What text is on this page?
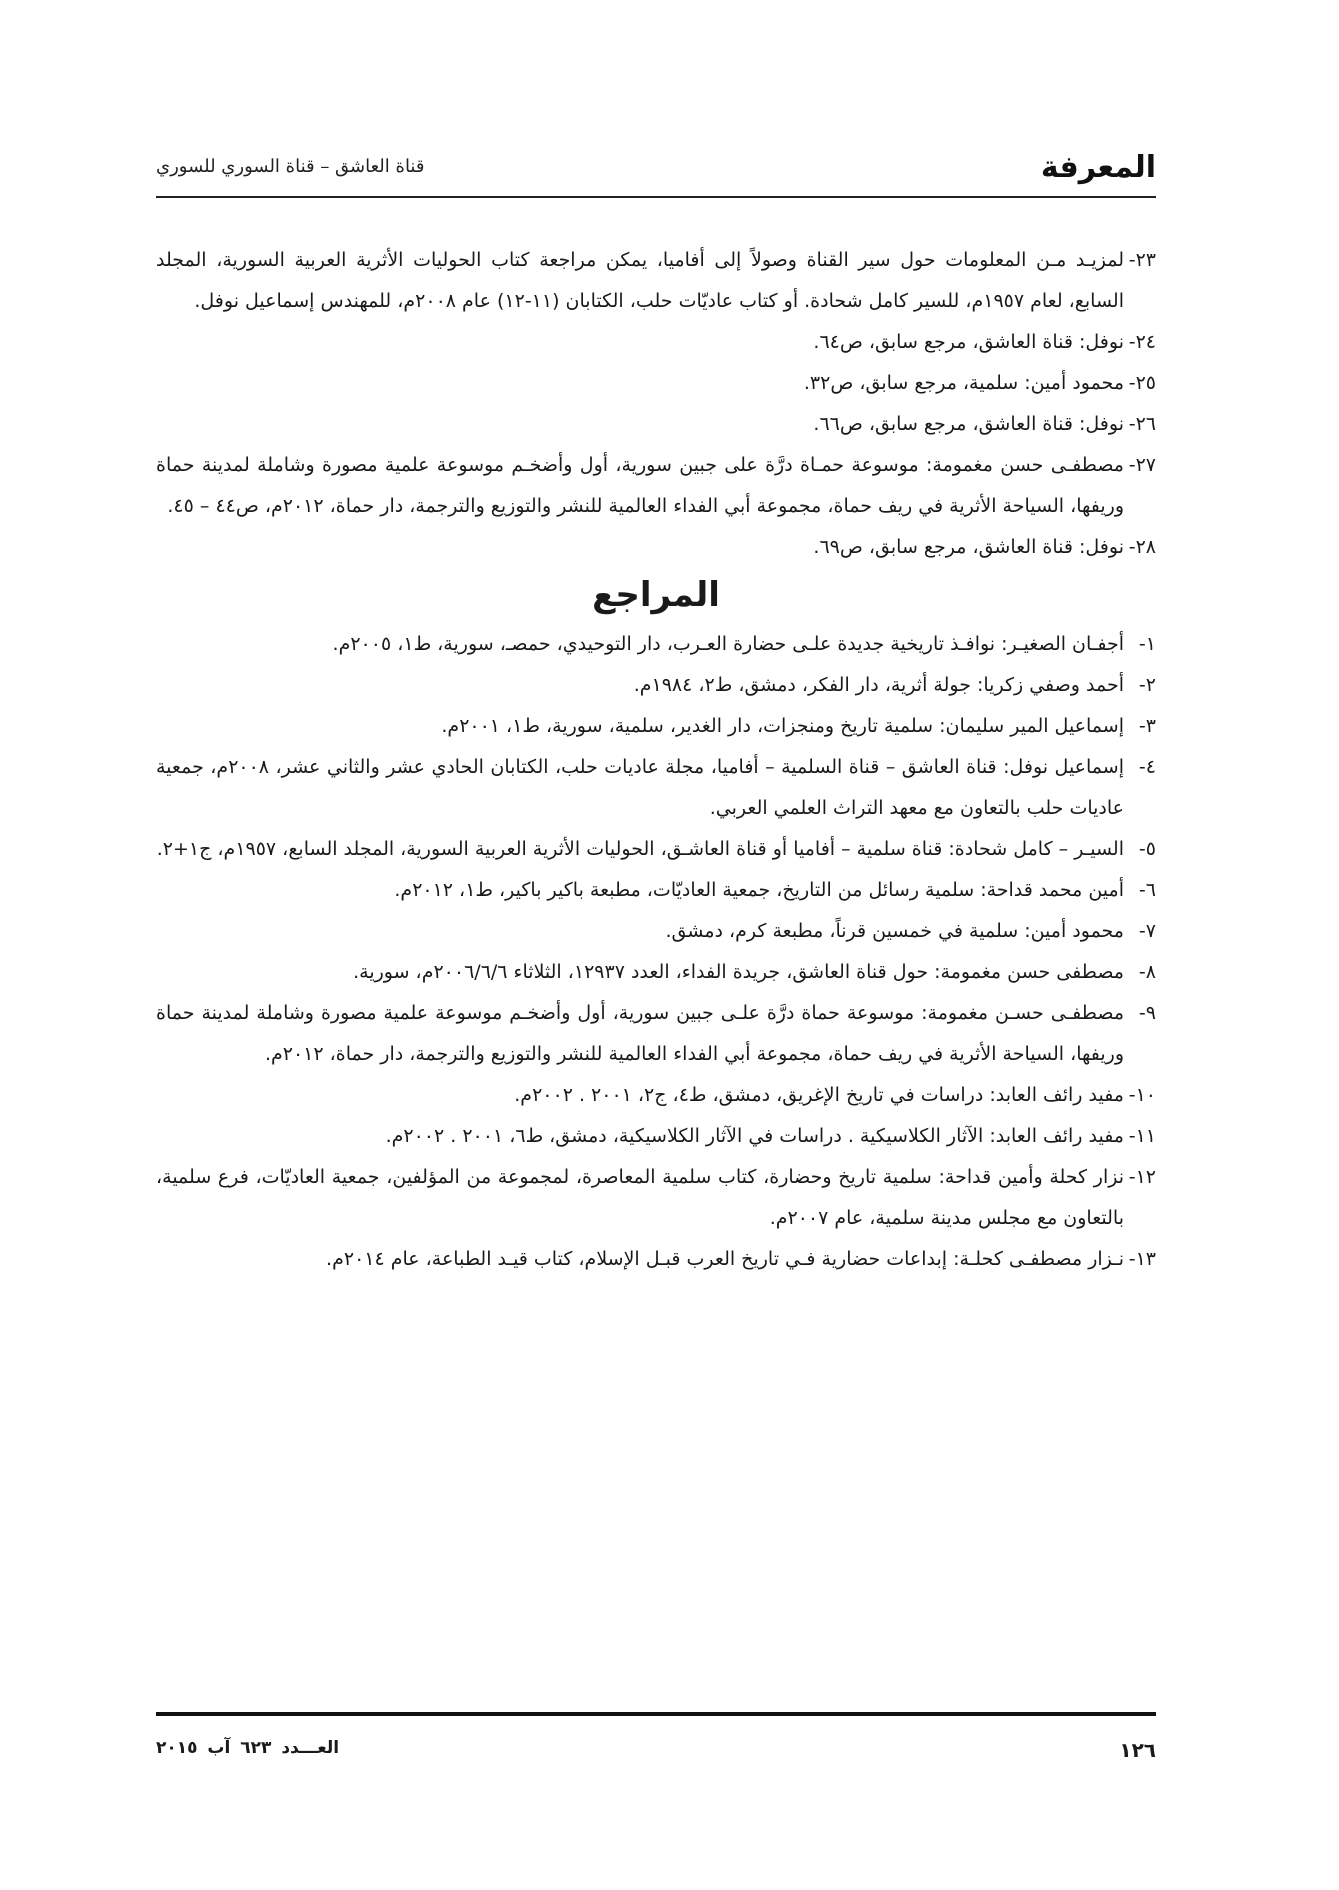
المعرفة
قناة العاشق – قناة السوري للسوري
٢٣-
لمزيـد مـن المعلومات حول سير القناة وصولاً إلى أفاميا، يمكن مراجعة كتاب الحوليات الأثرية العربية السورية، المجلد السابع، لعام ١٩٥٧م، للسير كامل شحادة. أو كتاب عاديّات حلب، الكتابان (١١-١٢) عام ٢٠٠٨م، للمهندس إسماعيل نوفل.
٢٤-
نوفل: قناة العاشق، مرجع سابق، ص٦٤.
٢٥-
محمود أمين: سلمية، مرجع سابق، ص٣٢.
٢٦-
نوفل: قناة العاشق، مرجع سابق، ص٦٦.
٢٧-
مصطفـى حسن مغمومة: موسوعة حمـاة درَّة على جبين سورية، أول وأضخـم موسوعة علمية مصورة وشاملة لمدينة حماة وريفها، السياحة الأثرية في ريف حماة، مجموعة أبي الفداء العالمية للنشر والتوزيع والترجمة، دار حماة، ٢٠١٢م، ص٤٤ – ٤٥.
٢٨-
نوفل: قناة العاشق، مرجع سابق، ص٦٩.
المراجع
١-
أجفـان الصغيـر: نوافـذ تاريخية جديدة علـى حضارة العـرب، دار التوحيدي، حمصـ، سورية، ط١، ٢٠٠٥م.
٢-
أحمد وصفي زكريا: جولة أثرية، دار الفكر، دمشق، ط٢، ١٩٨٤م.
٣-
إسماعيل المير سليمان: سلمية تاريخ ومنجزات، دار الغدير، سلمية، سورية، ط١، ٢٠٠١م.
٤-
إسماعيل نوفل: قناة العاشق – قناة السلمية – أفاميا، مجلة عاديات حلب، الكتابان الحادي عشر والثاني عشر، ٢٠٠٨م، جمعية عاديات حلب بالتعاون مع معهد التراث العلمي العربي.
٥-
السيـر – كامل شحادة: قناة سلمية – أفاميا أو قناة العاشـق، الحوليات الأثرية العربية السورية، المجلد السابع، ١٩٥٧م، ج١+٢.
٦-
أمين محمد قداحة: سلمية رسائل من التاريخ، جمعية العاديّات، مطبعة باكير باكير، ط١، ٢٠١٢م.
٧-
محمود أمين: سلمية في خمسين قرناً، مطبعة كرم، دمشق.
٨-
مصطفى حسن مغمومة: حول قناة العاشق، جريدة الفداء، العدد ١٢٩٣٧، الثلاثاء ٢٠٠٦/٦/٦م، سورية.
٩-
مصطفـى حسـن مغمومة: موسوعة حماة درَّة علـى جبين سورية، أول وأضخـم موسوعة علمية مصورة وشاملة لمدينة حماة وريفها، السياحة الأثرية في ريف حماة، مجموعة أبي الفداء العالمية للنشر والتوزيع والترجمة، دار حماة، ٢٠١٢م.
١٠-
مفيد رائف العابد: دراسات في تاريخ الإغريق، دمشق، ط٤، ج٢، ٢٠٠١ . ٢٠٠٢م.
١١-
مفيد رائف العابد: الآثار الكلاسيكية . دراسات في الآثار الكلاسيكية، دمشق، ط٦، ٢٠٠١ . ٢٠٠٢م.
١٢-
نزار كحلة وأمين قداحة: سلمية تاريخ وحضارة، كتاب سلمية المعاصرة، لمجموعة من المؤلفين، جمعية العاديّات، فرع سلمية، بالتعاون مع مجلس مدينة سلمية، عام ٢٠٠٧م.
١٣-
نـزار مصطفـى كحلـة: إبداعات حضارية فـي تاريخ العرب قبـل الإسلام، كتاب قيـد الطباعة، عام ٢٠١٤م.
١٢٦
العـــدد ٦٢٣ آب ٢٠١٥
